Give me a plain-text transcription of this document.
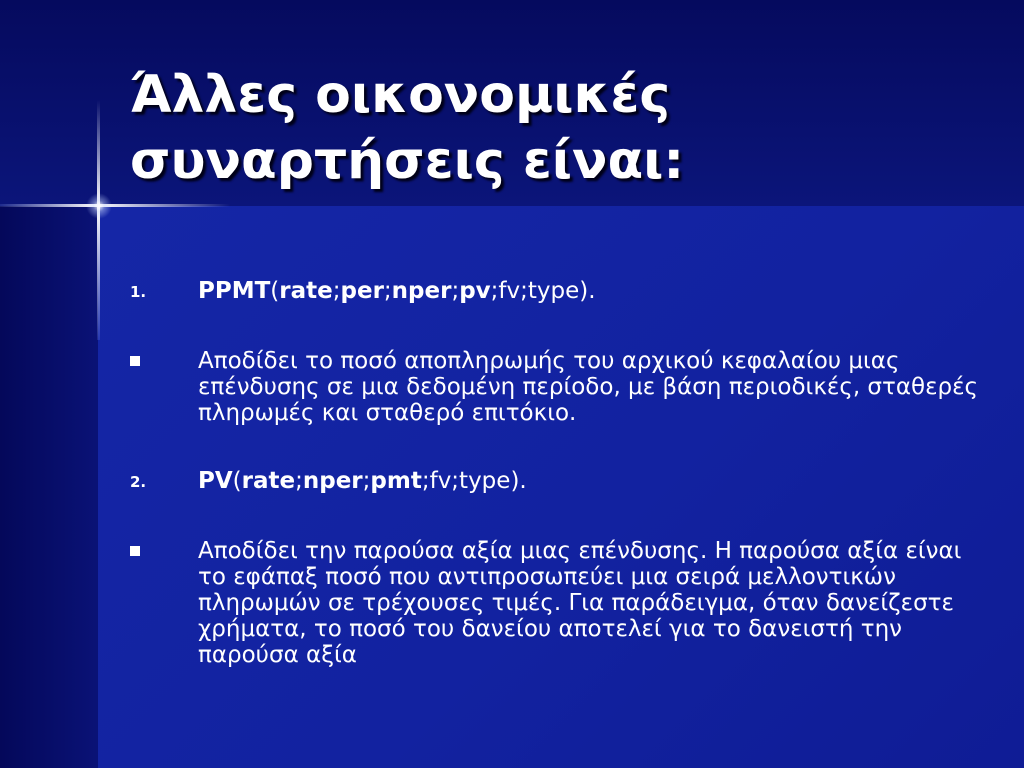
Άλλες οικονομικές
συναρτήσεις είναι:
1. PPMT(rate;per;nper;pv;fv;type).
Αποδίδει το ποσό αποπληρωμής του αρχικού κεφαλαίου μιας επένδυσης σε μια δεδομένη περίοδο, με βάση περιοδικές, σταθερές πληρωμές και σταθερό επιτόκιο.
2. PV(rate;nper;pmt;fv;type).
Αποδίδει την παρούσα αξία μιας επένδυσης. Η παρούσα αξία είναι το εφάπαξ ποσό που αντιπροσωπεύει μια σειρά μελλοντικών πληρωμών σε τρέχουσες τιμές. Για παράδειγμα, όταν δανείζεστε χρήματα, το ποσό του δανείου αποτελεί για το δανειστή την παρούσα αξία
